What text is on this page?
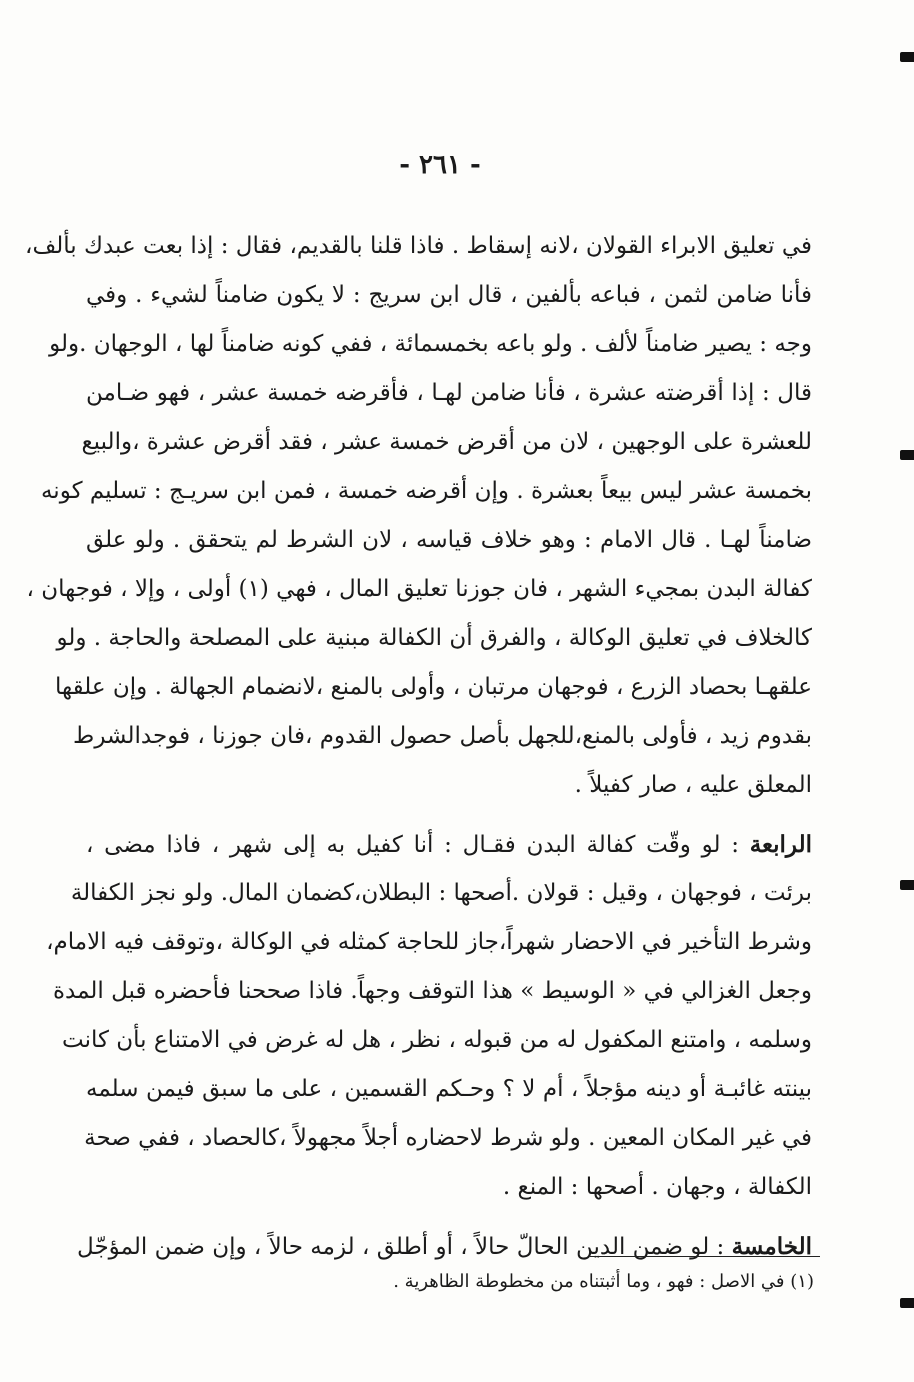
- ٢٦١ -
في تعليق الابراء القولان ،لانه إسقاط . فاذا قلنا بالقديم، فقال : إذا بعت عبدك بألف،
فأنا ضامن لثمن ، فباعه بألفين ، قال ابن سريج : لا يكون ضامناً لشيء . وفي
وجه : يصير ضامناً لألف . ولو باعه بخمسمائة ، ففي كونه ضامناً لها ، الوجهان .ولو
قال : إذا أقرضته عشرة ، فأنا ضامن لهـا ، فأقرضه خمسة عشر ، فهو ضـامن
للعشرة على الوجهين ، لان من أقرض خمسة عشر ، فقد أقرض عشرة ،والبيع
بخمسة عشر ليس بيعاً بعشرة . وإن أقرضه خمسة ، فمن ابن سريـج : تسليم كونه
ضامناً لهـا . قال الامام : وهو خلاف قياسه ، لان الشرط لم يتحقق . ولو علق
كفالة البدن بمجيء الشهر ، فان جوزنا تعليق المال ، فهي (١) أولى ، وإلا ، فوجهان ،
كالخلاف في تعليق الوكالة ، والفرق أن الكفالة مبنية على المصلحة والحاجة . ولو
علقهـا بحصاد الزرع ، فوجهان مرتبان ، وأولى بالمنع ،لانضمام الجهالة . وإن علقها
بقدوم زيد ، فأولى بالمنع،للجهل بأصل حصول القدوم ،فان جوزنا ، فوجدالشرط
المعلق عليه ، صار كفيلاً .
الرابعة : لو وقّت كفالة البدن فقـال : أنا كفيل به إلى شهر ، فاذا مضى ،
برئت ، فوجهان ، وقيل : قولان .أصحها : البطلان،كضمان المال. ولو نجز الكفالة
وشرط التأخير في الاحضار شهراً،جاز للحاجة كمثله في الوكالة ،وتوقف فيه الامام،
وجعل الغزالي في « الوسيط » هذا التوقف وجهاً. فاذا صححنا فأحضره قبل المدة
وسلمه ، وامتنع المكفول له من قبوله ، نظر ، هل له غرض في الامتناع بأن كانت
بينته غائبـة أو دينه مؤجلاً ، أم لا ؟ وحـكم القسمين ، على ما سبق فيمن سلمه
في غير المكان المعين . ولو شرط لاحضاره أجلاً مجهولاً ،كالحصاد ، ففي صحة
الكفالة ، وجهان . أصحها : المنع .
الخامسة : لو ضمن الدين الحالّ حالاً ، أو أطلق ، لزمه حالاً ، وإن ضمن المؤجّل
(١) في الاصل : فهو ، وما أثبتناه من مخطوطة الظاهرية .
